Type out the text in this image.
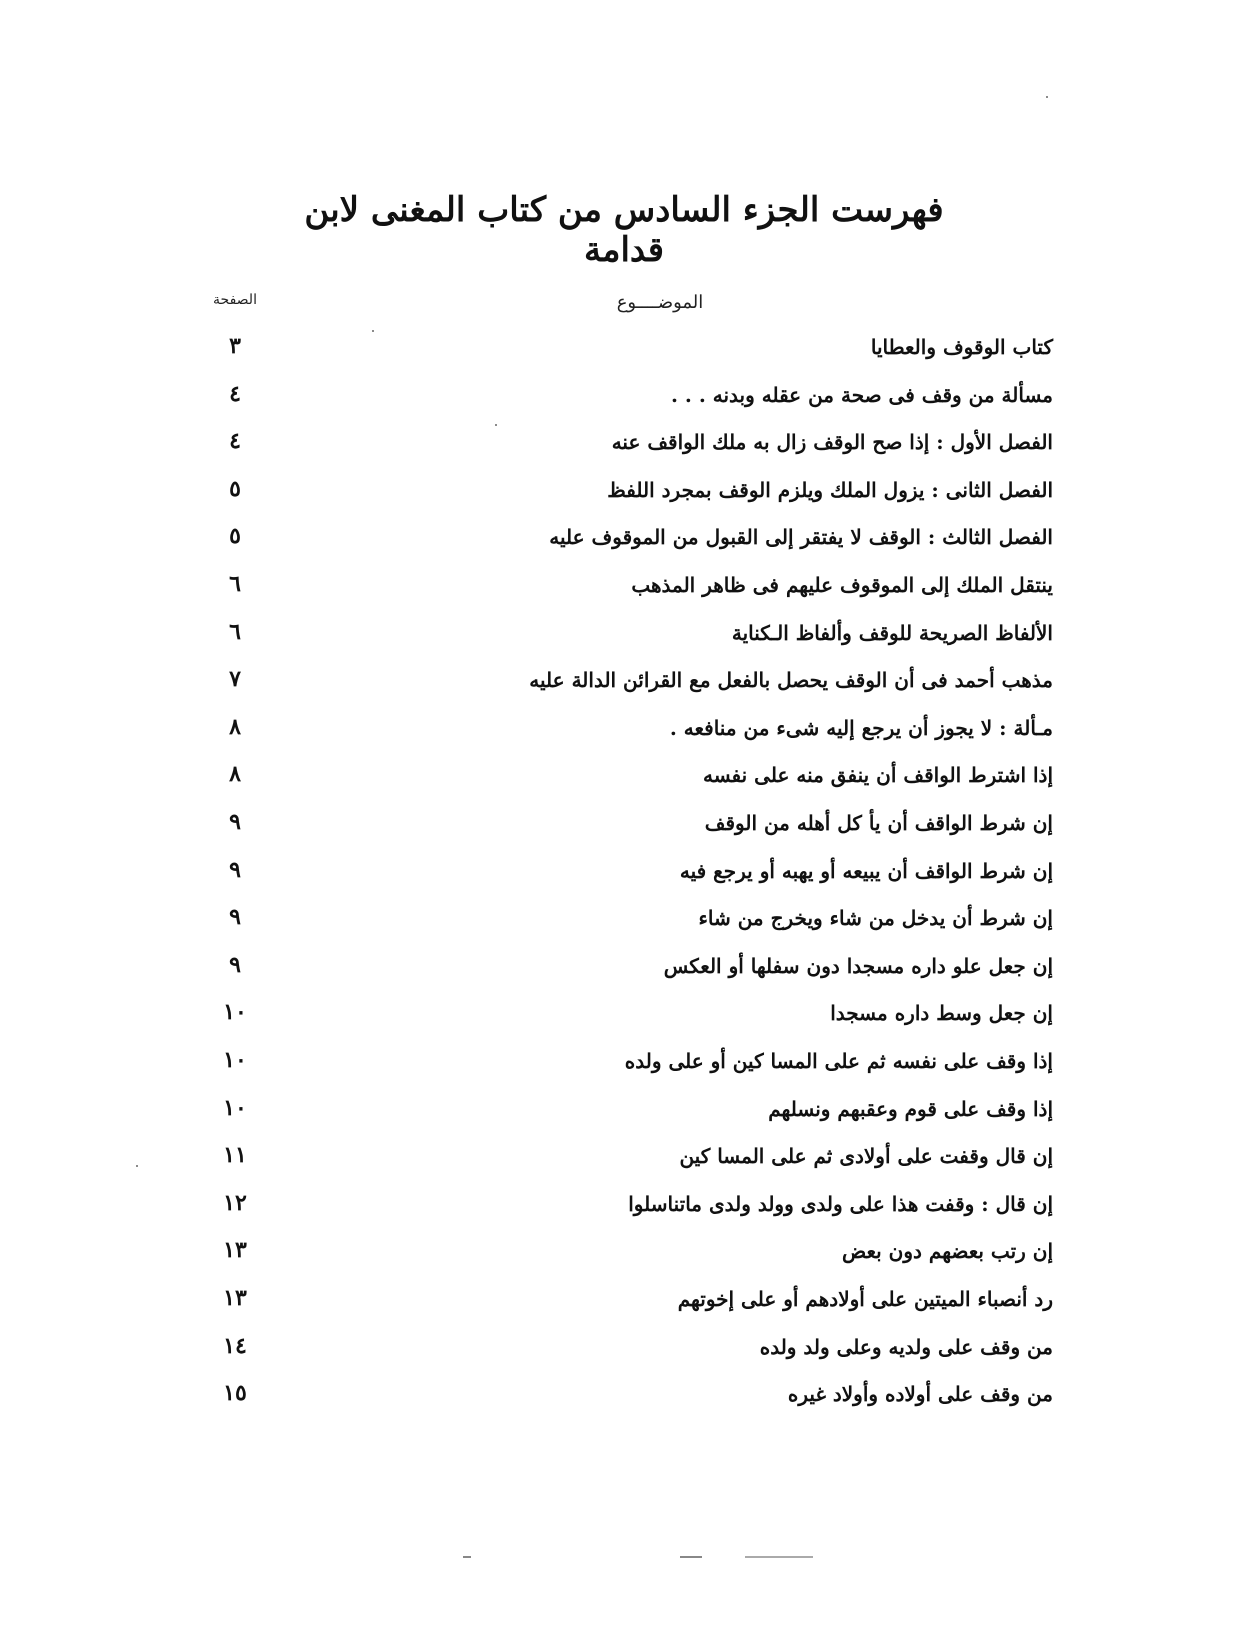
فهرست الجزء السادس من كتاب المغنى لابن قدامة
الموضــــوع
الصفحة
كتاب الوقوف والعطايا
٣
مسألة من وقف فى صحة من عقله وبدنه . . .
٤
الفصل الأول : إذا صح الوقف زال به ملك الواقف عنه
٤
الفصل الثانى : يزول الملك ويلزم الوقف بمجرد اللفظ
٥
الفصل الثالث : الوقف لا يفتقر إلى القبول من الموقوف عليه
٥
ينتقل الملك إلى الموقوف عليهم فى ظاهر المذهب
٦
الألفاظ الصريحة للوقف وألفاظ الـكناية
٦
مذهب أحمد فى أن الوقف يحصل بالفعل مع القرائن الدالة عليه
٧
مـألة : لا يجوز أن يرجع إليه شىء من منافعه .
٨
إذا اشترط الواقف أن ينفق منه على نفسه
٨
إن شرط الواقف أن يأ كل أهله من الوقف
٩
إن شرط الواقف أن يبيعه أو يهبه أو يرجع فيه
٩
إن شرط أن يدخل من شاء ويخرج من شاء
٩
إن جعل علو داره مسجدا دون سفلها أو العكس
٩
إن جعل وسط داره مسجدا
١٠
إذا وقف على نفسه ثم على المسا كين أو على ولده
١٠
إذا وقف على قوم وعقبهم ونسلهم
١٠
إن قال وقفت على أولادى ثم على المسا كين
١١
إن قال : وقفت هذا على ولدى وولد ولدى ماتناسلوا
١٢
إن رتب بعضهم دون بعض
١٣
رد أنصباء الميتين على أولادهم أو على إخوتهم
١٣
من وقف على ولديه وعلى ولد ولده
١٤
من وقف على أولاده وأولاد غيره
١٥
